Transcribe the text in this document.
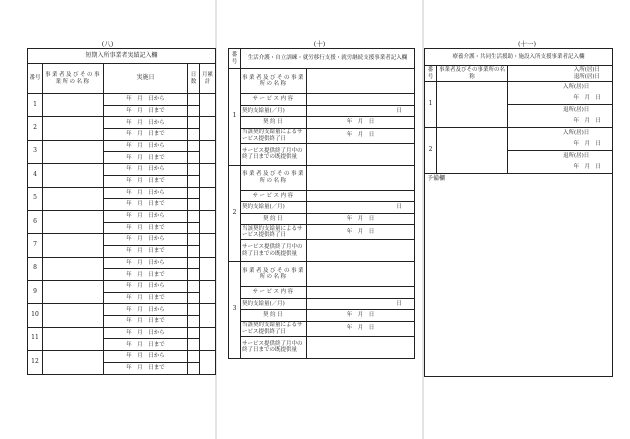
(八)
短期入所事業者実績記入欄				
番号	事業者及びその事業所の名称	実施日	日数	月累計
1		年　月　日から		
		年　月　日まで		
2		年　月　日から		
		年　月　日まで		
3		年　月　日から		
		年　月　日まで		
4		年　月　日から		
		年　月　日まで		
5		年　月　日から		
		年　月　日まで		
6		年　月　日から		
		年　月　日まで		
7		年　月　日から		
		年　月　日まで		
8		年　月　日から		
		年　月　日まで		
9		年　月　日から		
		年　月　日まで		
10		年　月　日から		
		年　月　日まで		
11		年　月　日から		
		年　月　日まで		
12		年　月　日から		
		年　月　日まで		
(十)
番号	生活介護・自立訓練・就労移行支援・就労継続支援事業者記入欄	
1	事業者及びその事業所の名称	
	サービス内容	
	契約支給量(／月)	日
	契約日	年　月　日
	当該契約支給量によるサービス提供終了日	年　月　日
	サービス提供終了月中の終了日までの既提供量	
2	事業者及びその事業所の名称	
	サービス内容	
	契約支給量(／月)	日
	契約日	年　月　日
	当該契約支給量によるサービス提供終了日	年　月　日
	サービス提供終了月中の終了日までの既提供量	
3	事業者及びその事業所の名称	
	サービス内容	
	契約支給量(／月)	日
	契約日	年　月　日
	当該契約支給量によるサービス提供終了日	年　月　日
	サービス提供終了月中の終了日までの既提供量	
(十一)
療養介護・共同生活援助・施設入所支援事業者記入欄		
番号	事業者及びその事業所の名称	入所(居)日
退所(居)日

1		入所(居)日

		年　月　日

		退所(居)日

		年　月　日

2		入所(居)日

		年　月　日

		退所(居)日

		年　月　日

予備欄		
